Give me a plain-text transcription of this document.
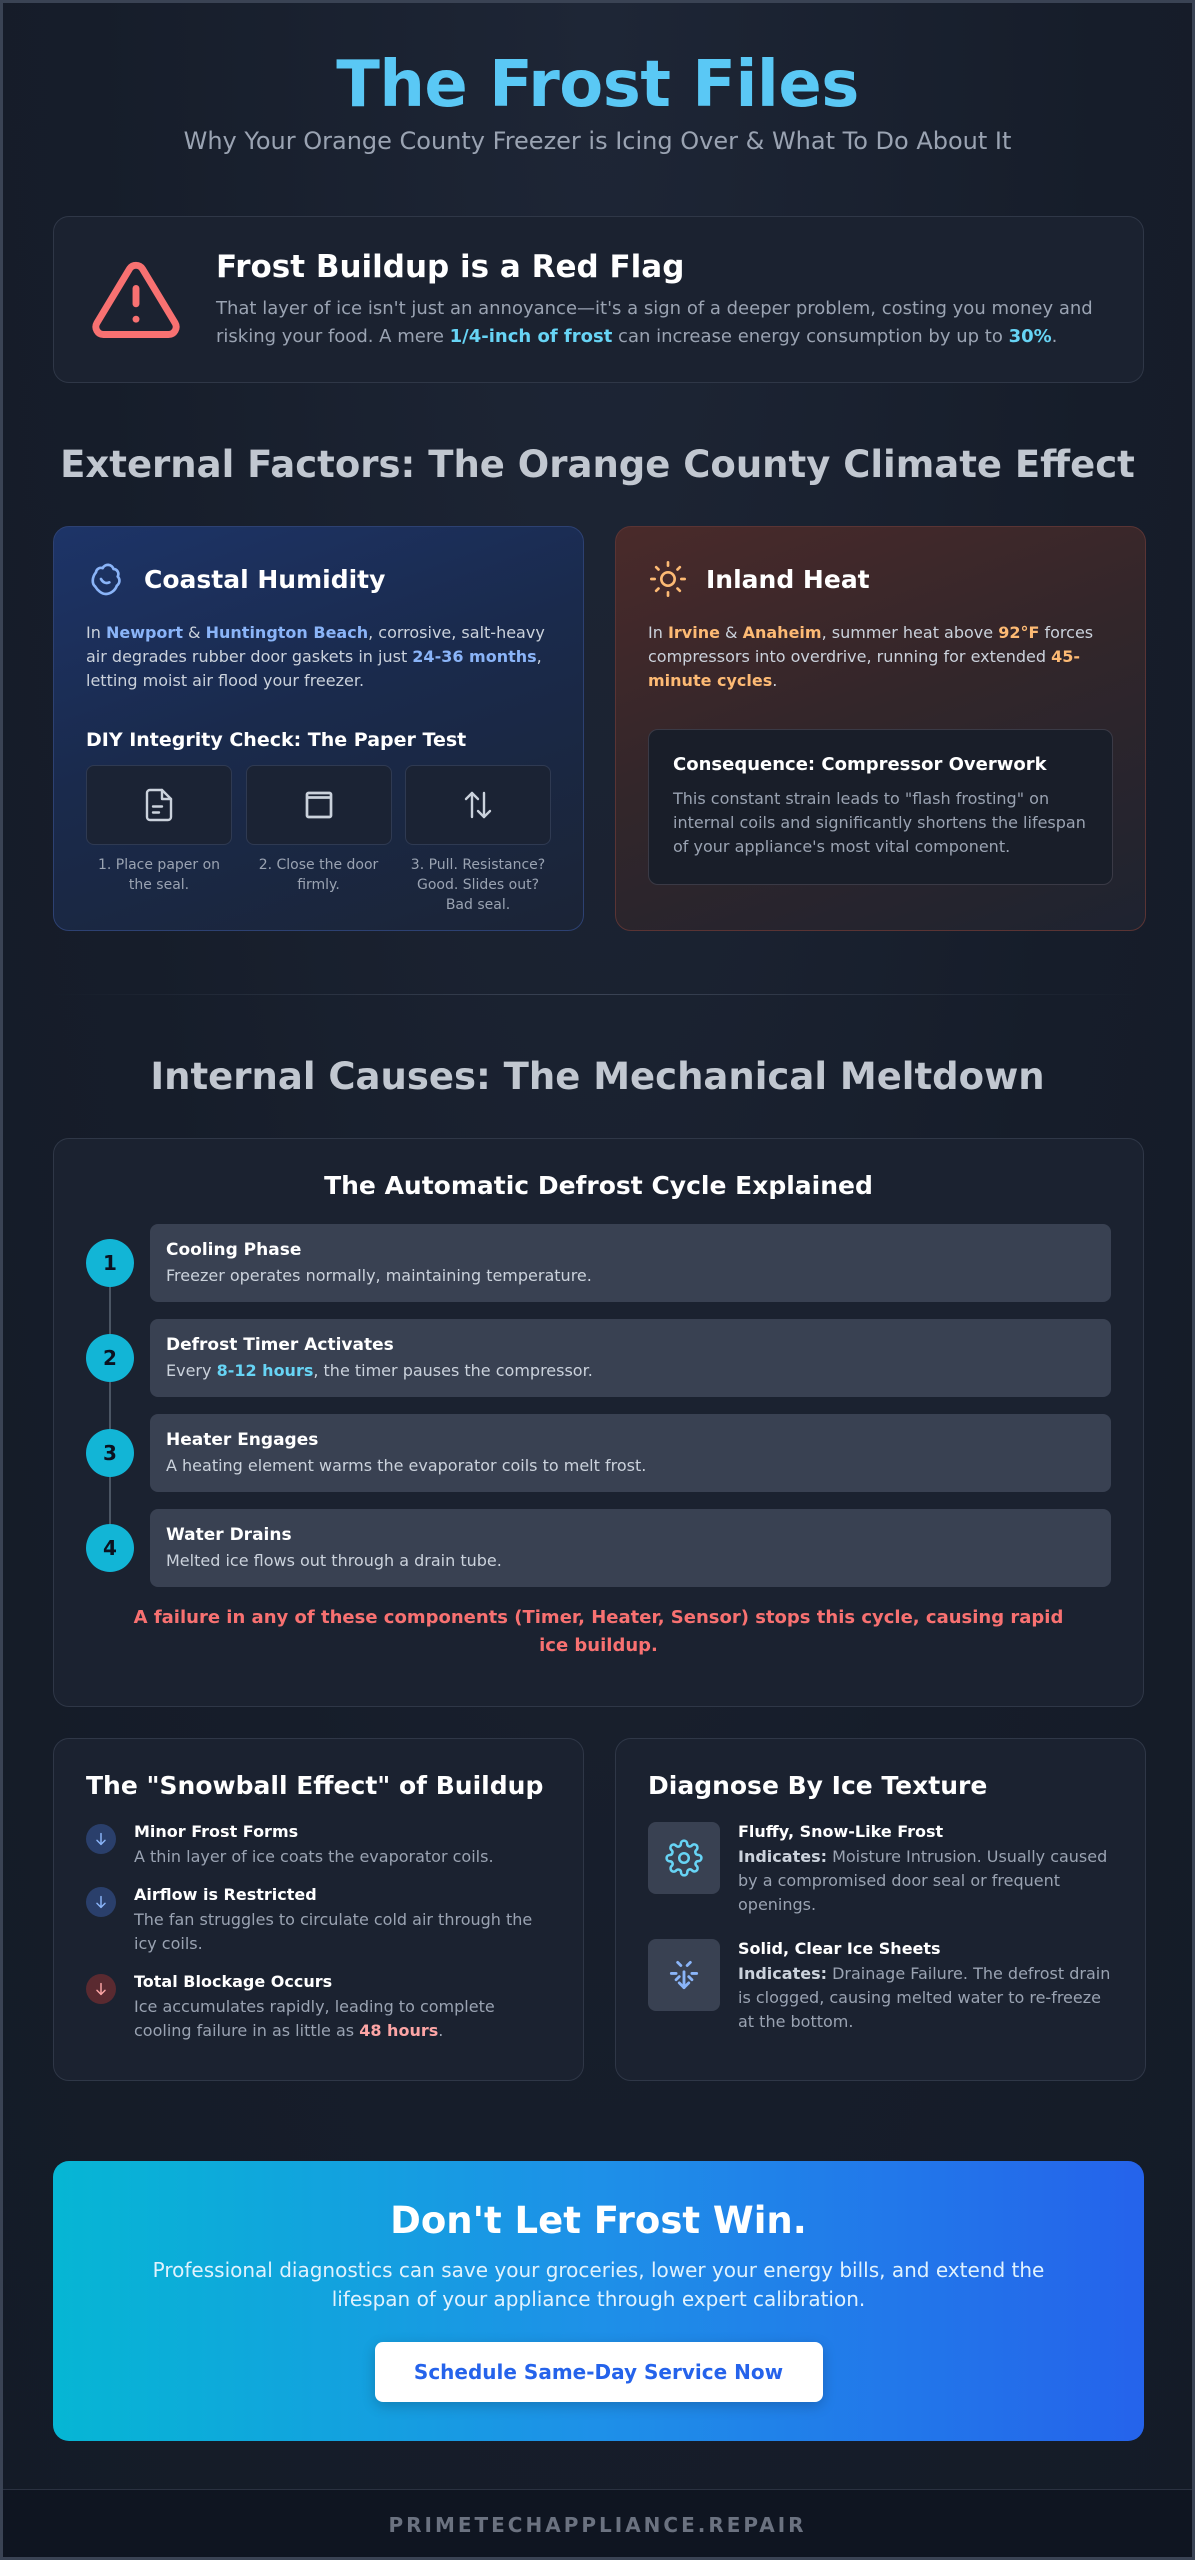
The Frost Files
Why Your Orange County Freezer is Icing Over & What To Do About It
Frost Buildup is a Red Flag

That layer of ice isn't just an annoyance—it's a sign of a deeper problem, costing you money and risking your food. A mere 1/4-inch of frost can increase energy consumption by up to 30%.

External Factors: The Orange County Climate Effect
Coastal Humidity

In Newport & Huntington Beach, corrosive, salt-heavy air degrades rubber door gaskets in just 24-36 months, letting moist air flood your freezer.

DIY Integrity Check: The Paper Test
1. Place paper on the seal.
2. Close the door firmly.
3. Pull. Resistance? Good. Slides out? Bad seal.
Inland Heat

In Irvine & Anaheim, summer heat above 92°F forces compressors into overdrive, running for extended 45-minute cycles.

Consequence: Compressor Overwork

This constant strain leads to "flash frosting" on internal coils and significantly shortens the lifespan of your appliance's most vital component.

Internal Causes: The Mechanical Meltdown
The Automatic Defrost Cycle Explained
1
Cooling Phase

Freezer operates normally, maintaining temperature.

2
Defrost Timer Activates

Every 8-12 hours, the timer pauses the compressor.

3
Heater Engages

A heating element warms the evaporator coils to melt frost.

4
Water Drains

Melted ice flows out through a drain tube.

A failure in any of these components (Timer, Heater, Sensor) stops this cycle, causing rapid ice buildup.
The "Snowball Effect" of Buildup
Minor Frost Forms

A thin layer of ice coats the evaporator coils.

Airflow is Restricted

The fan struggles to circulate cold air through the icy coils.

Total Blockage Occurs

Ice accumulates rapidly, leading to complete cooling failure in as little as 48 hours.

Diagnose By Ice Texture
Fluffy, Snow-Like Frost

Indicates: Moisture Intrusion. Usually caused by a compromised door seal or frequent openings.

Solid, Clear Ice Sheets

Indicates: Drainage Failure. The defrost drain is clogged, causing melted water to re-freeze at the bottom.

Don't Let Frost Win.

Professional diagnostics can save your groceries, lower your energy bills, and extend the lifespan of your appliance through expert calibration.

Schedule Same-Day Service Now
PRIMETECHAPPLIANCE.REPAIR
